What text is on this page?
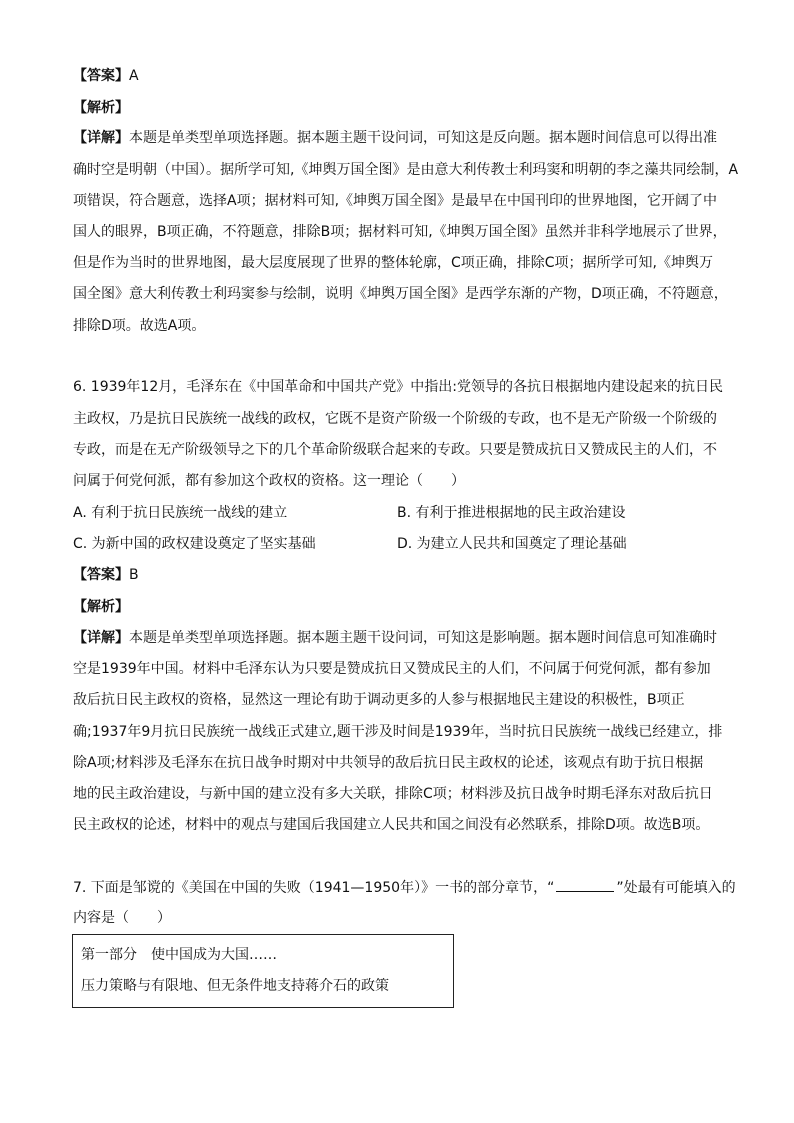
【答案】A
【解析】
【详解】本题是单类型单项选择题。据本题主题干设问词，可知这是反向题。据本题时间信息可以得出准
确时空是明朝（中国）。据所学可知,《坤舆万国全图》是由意大利传教士利玛窦和明朝的李之藻共同绘制，A
项错误，符合题意，选择A项；据材料可知,《坤舆万国全图》是最早在中国刊印的世界地图，它开阔了中
国人的眼界，B项正确，不符题意，排除B项；据材料可知,《坤舆万国全图》虽然并非科学地展示了世界，
但是作为当时的世界地图，最大层度展现了世界的整体轮廓，C项正确，排除C项；据所学可知,《坤舆万
国全图》意大利传教士利玛窦参与绘制，说明《坤舆万国全图》是西学东渐的产物，D项正确，不符题意，
排除D项。故选A项。
6. 1939年12月，毛泽东在《中国革命和中国共产党》中指出:党领导的各抗日根据地内建设起来的抗日民
主政权，乃是抗日民族统一战线的政权，它既不是资产阶级一个阶级的专政，也不是无产阶级一个阶级的
专政，而是在无产阶级领导之下的几个革命阶级联合起来的专政。只要是赞成抗日又赞成民主的人们，不
问属于何党何派，都有参加这个政权的资格。这一理论（　　）
A. 有利于抗日民族统一战线的建立	B. 有利于推进根据地的民主政治建设
C. 为新中国的政权建设奠定了坚实基础	D. 为建立人民共和国奠定了理论基础
【答案】B
【解析】
【详解】本题是单类型单项选择题。据本题主题干设问词，可知这是影响题。据本题时间信息可知准确时
空是1939年中国。材料中毛泽东认为只要是赞成抗日又赞成民主的人们，不问属于何党何派，都有参加
敌后抗日民主政权的资格，显然这一理论有助于调动更多的人参与根据地民主建设的积极性，B项正
确;1937年9月抗日民族统一战线正式建立,题干涉及时间是1939年，当时抗日民族统一战线已经建立，排
除A项;材料涉及毛泽东在抗日战争时期对中共领导的敌后抗日民主政权的论述，该观点有助于抗日根据
地的民主政治建设，与新中国的建立没有多大关联，排除C项；材料涉及抗日战争时期毛泽东对敌后抗日
民主政权的论述，材料中的观点与建国后我国建立人民共和国之间没有必然联系，排除D项。故选B项。
7. 下面是邹谠的《美国在中国的失败（1941—1950年）》一书的部分章节，“	”处最有可能填入的
内容是（　　）
第一部分　使中国成为大国……
压力策略与有限地、但无条件地支持蒋介石的政策
